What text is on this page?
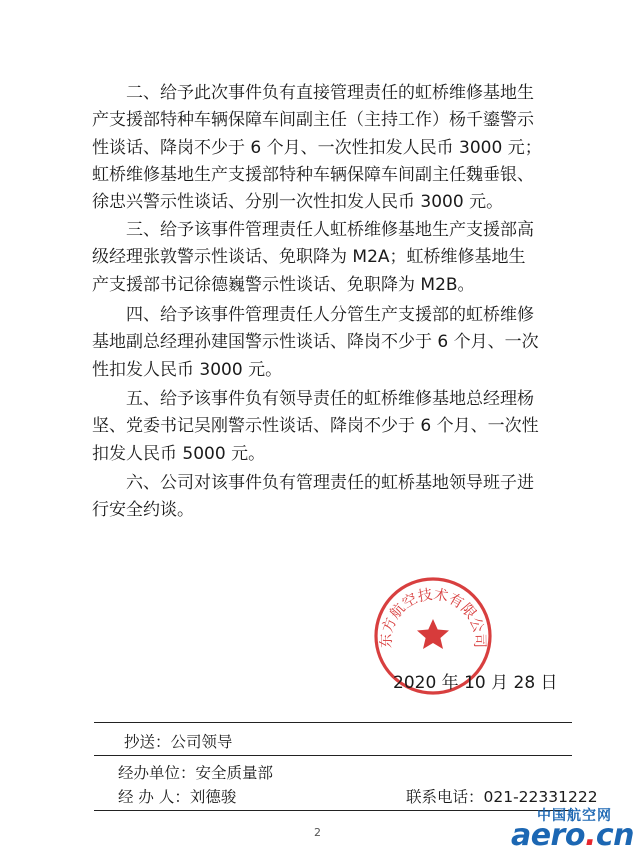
二、给予此次事件负有直接管理责任的虹桥维修基地生
产支援部特种车辆保障车间副主任（主持工作）杨千鎏警示
性谈话、降岗不少于 6 个月、一次性扣发人民币 3000 元；
虹桥维修基地生产支援部特种车辆保障车间副主任魏垂银、
徐忠兴警示性谈话、分别一次性扣发人民币 3000 元。

三、给予该事件管理责任人虹桥维修基地生产支援部高
级经理张敦警示性谈话、免职降为 M2A；虹桥维修基地生
产支援部书记徐德巍警示性谈话、免职降为 M2B。

四、给予该事件管理责任人分管生产支援部的虹桥维修
基地副总经理孙建国警示性谈话、降岗不少于 6 个月、一次
性扣发人民币 3000 元。

五、给予该事件负有领导责任的虹桥维修基地总经理杨
坚、党委书记吴刚警示性谈话、降岗不少于 6 个月、一次性
扣发人民币 5000 元。

六、公司对该事件负有管理责任的虹桥基地领导班子进
行安全约谈。

东方航空技术有限公司
2020 年 10 月 28 日
抄送：公司领导
经办单位：安全质量部
经 办 人：刘德骏	联系电话：021-22331222
2
中国航空网
aero.cn
